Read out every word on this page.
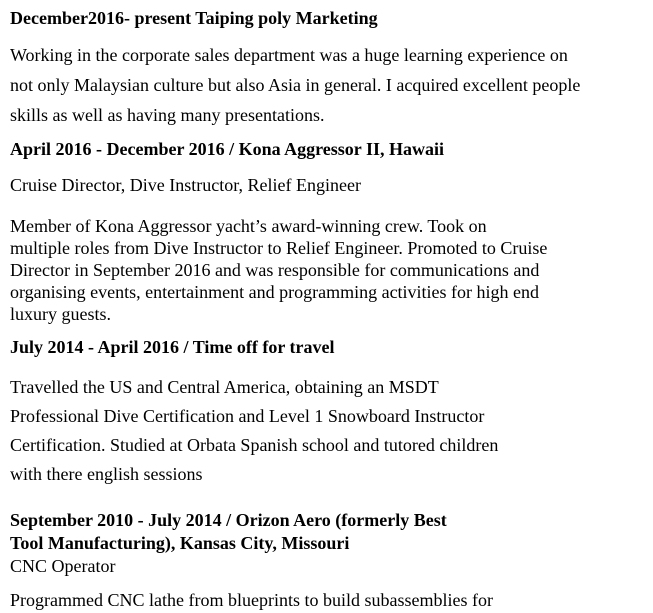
December2016- present Taiping poly Marketing
Working in the corporate sales department was a huge learning experience on
not only Malaysian culture but also Asia in general. I acquired excellent people
skills as well as having many presentations.
April 2016 - December 2016 / Kona Aggressor II, Hawaii
Cruise Director, Dive Instructor, Relief Engineer
Member of Kona Aggressor yacht’s award-winning crew. Took on
multiple roles from Dive Instructor to Relief Engineer. Promoted to Cruise
Director in September 2016 and was responsible for communications and
organising events, entertainment and programming activities for high end
luxury guests.
July 2014 - April 2016 / Time off for travel
Travelled the US and Central America, obtaining an MSDT
Professional Dive Certification and Level 1 Snowboard Instructor
Certification. Studied at Orbata Spanish school and tutored children
with there english sessions
September 2010 - July 2014 / Orizon Aero (formerly Best
Tool Manufacturing), Kansas City, Missouri
CNC Operator
Programmed CNC lathe from blueprints to build subassemblies for
